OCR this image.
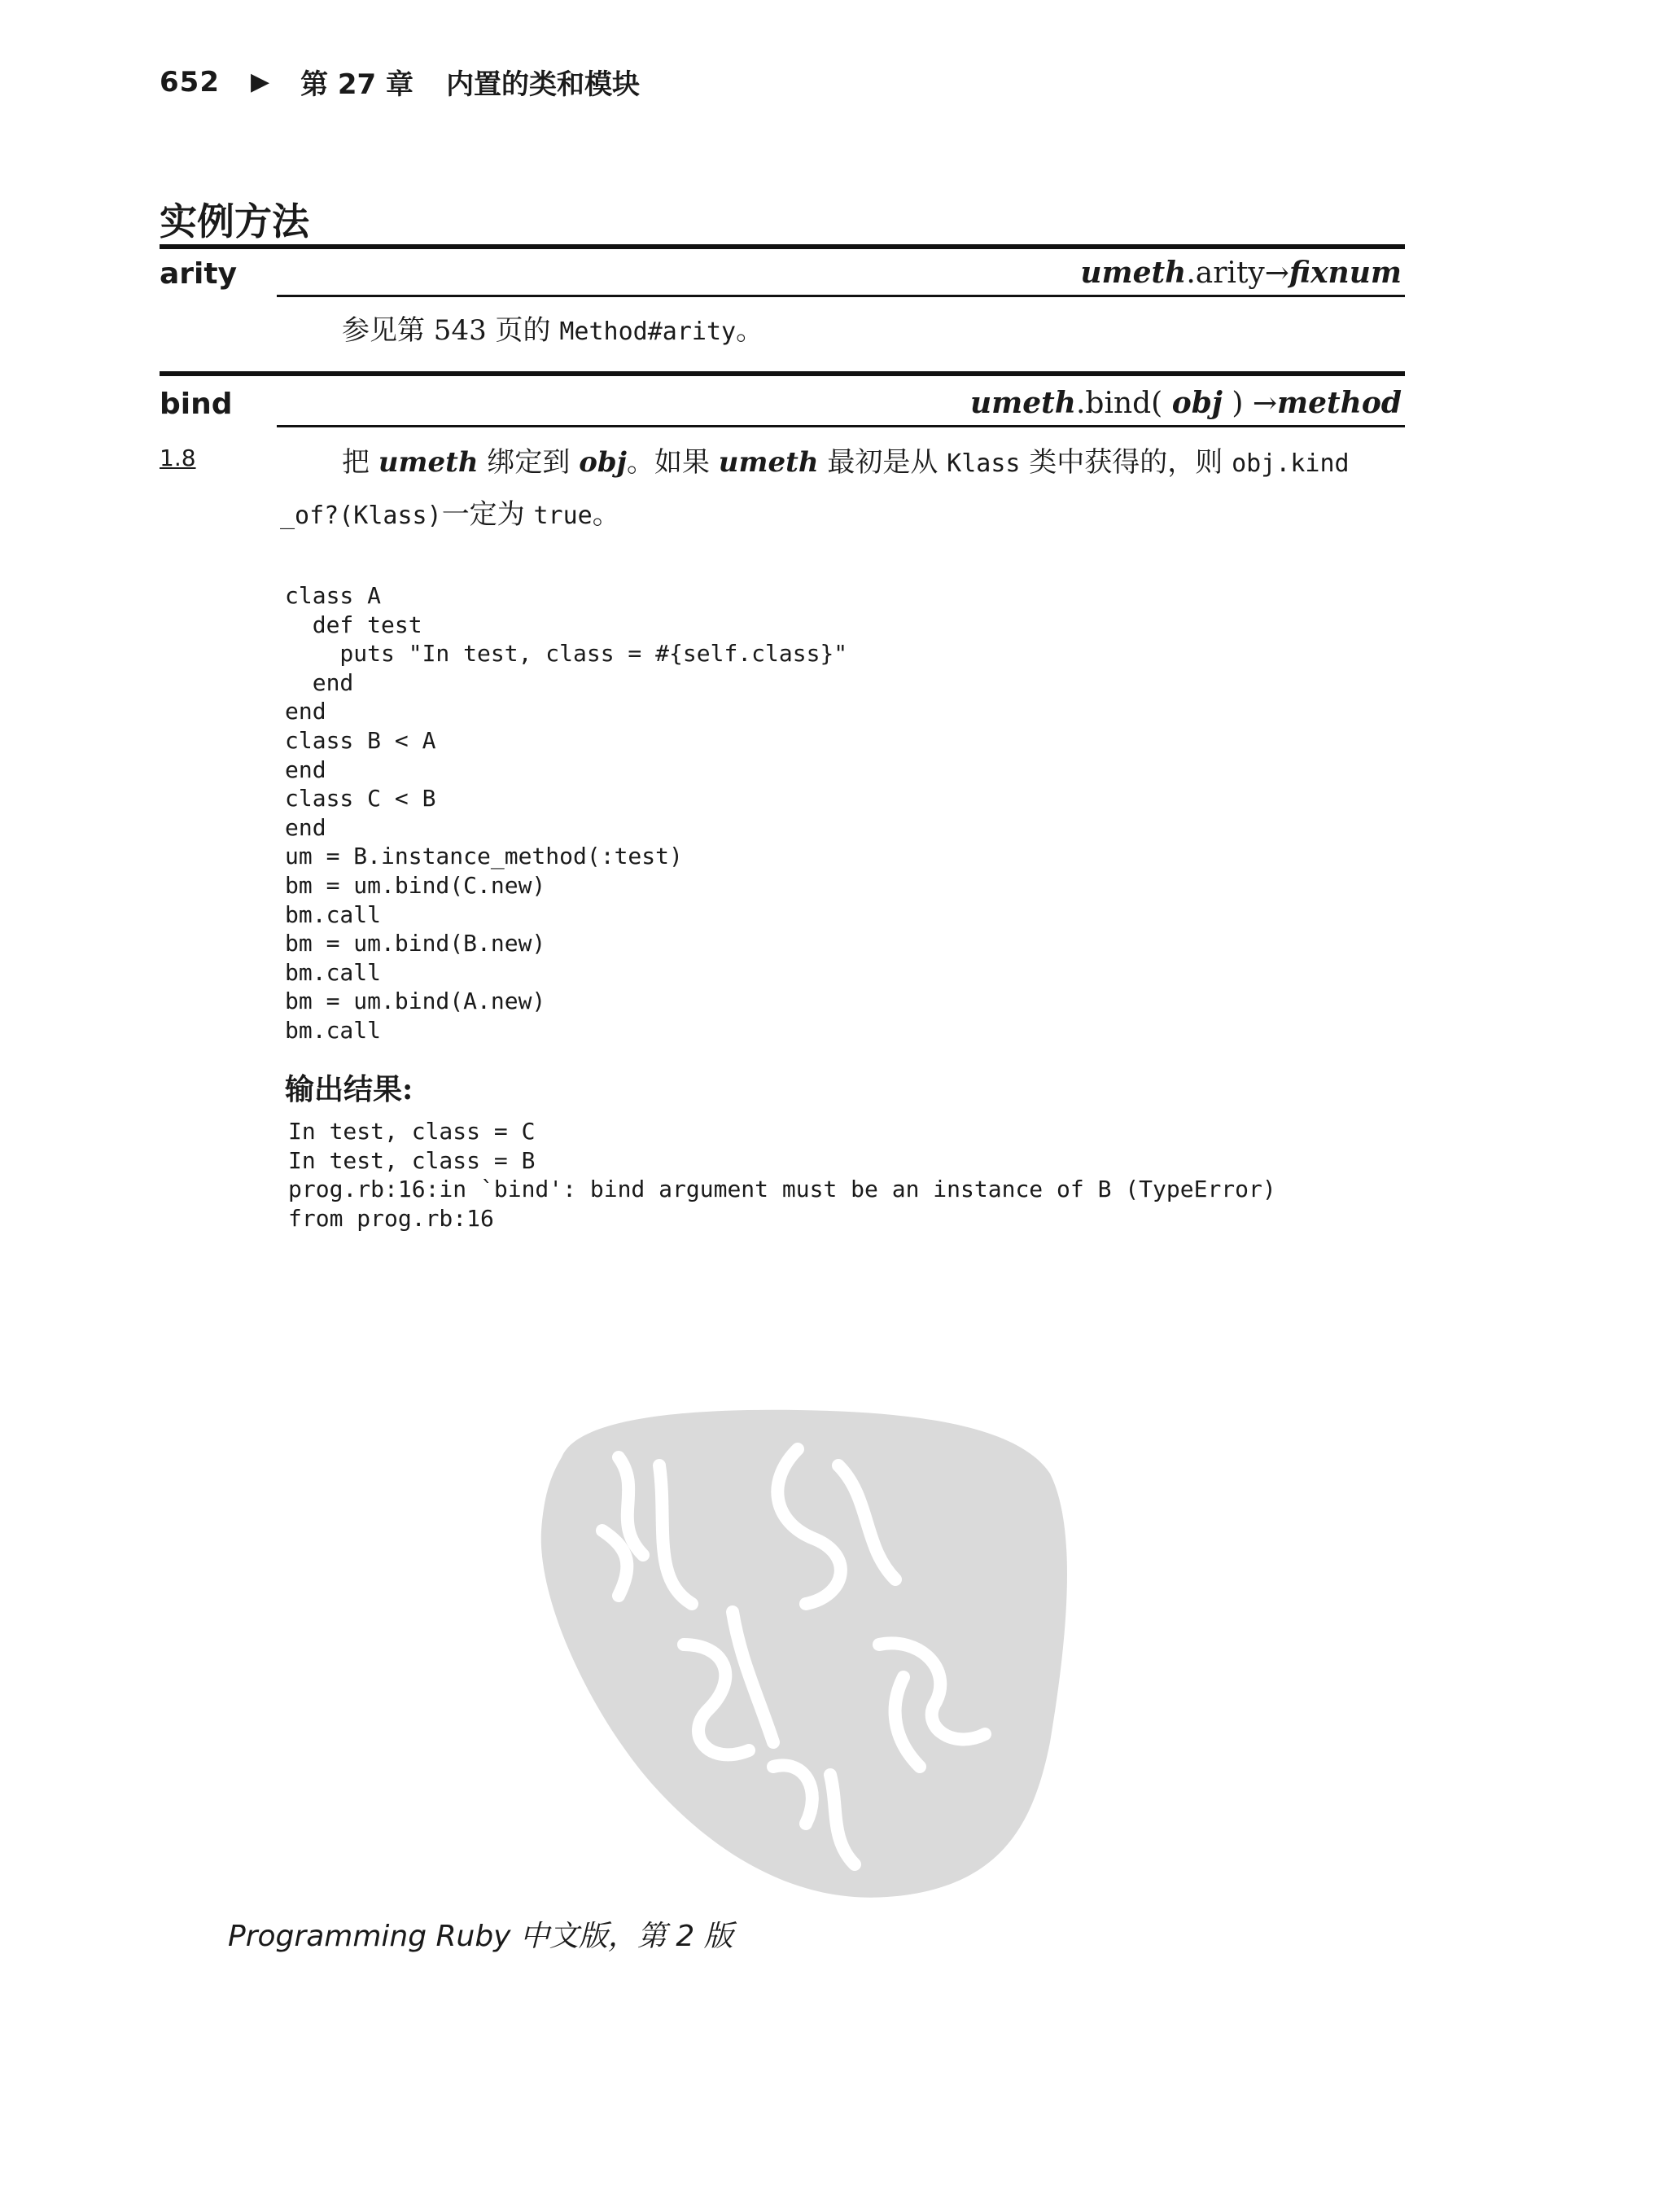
652 ▶ 第 27 章 内置的类和模块
实例方法
arity	umeth.arity→fixnum
参见第 543 页的 Method#arity。
bind	umeth.bind( obj ) →method
1.8	把 umeth 绑定到 obj。如果 umeth 最初是从 Klass 类中获得的，则 obj.kind
_of?(Klass)一定为 true。
class A
def test
puts "In test, class = #{self.class}"
end
end
class B < A
end
class C < B
end
um = B.instance_method(:test)
bm = um.bind(C.new)
bm.call
bm = um.bind(B.new)
bm.call
bm = um.bind(A.new)
bm.call
输出结果:
In test, class = C
In test, class = B
prog.rb:16:in `bind': bind argument must be an instance of B (TypeError)
from prog.rb:16
Programming Ruby 中文版，第 2 版
